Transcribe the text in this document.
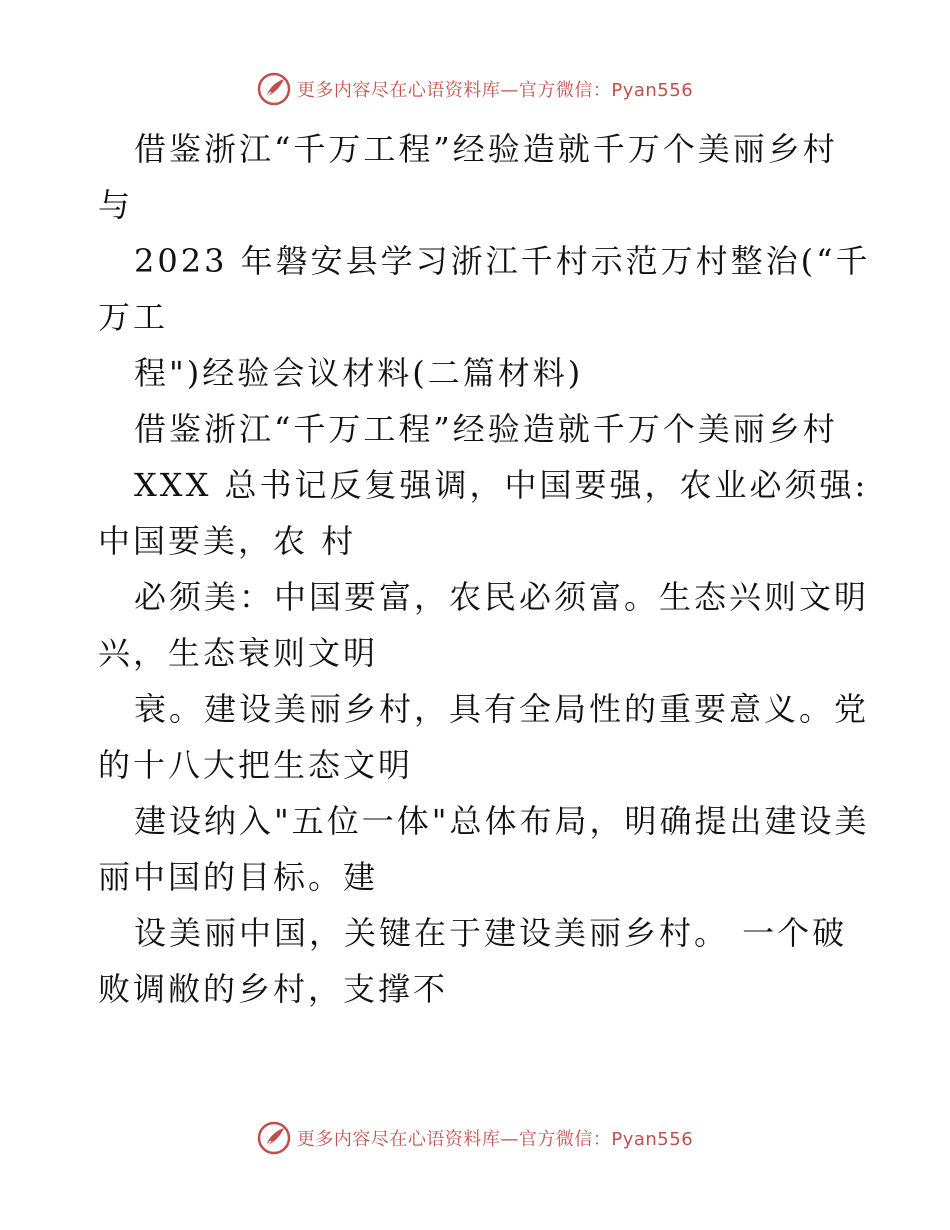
更多内容尽在心语资料库—官方微信：Pyan556
借鉴浙江“千万工程”经验造就千万个美丽乡村
与
2023 年磐安县学习浙江千村示范万村整治(“千
万工
程")经验会议材料(二篇材料)
借鉴浙江“千万工程”经验造就千万个美丽乡村
XXX 总书记反复强调，中国要强，农业必须强:
中国要美，农 村
必须美：中国要富，农民必须富。生态兴则文明
兴，生态衰则文明
衰。建设美丽乡村，具有全局性的重要意义。党
的十八大把生态文明
建设纳入"五位一体"总体布局，明确提出建设美
丽中国的目标。建
设美丽中国，关键在于建设美丽乡村。 一个破
败调敝的乡村，支撑不
更多内容尽在心语资料库—官方微信：Pyan556
